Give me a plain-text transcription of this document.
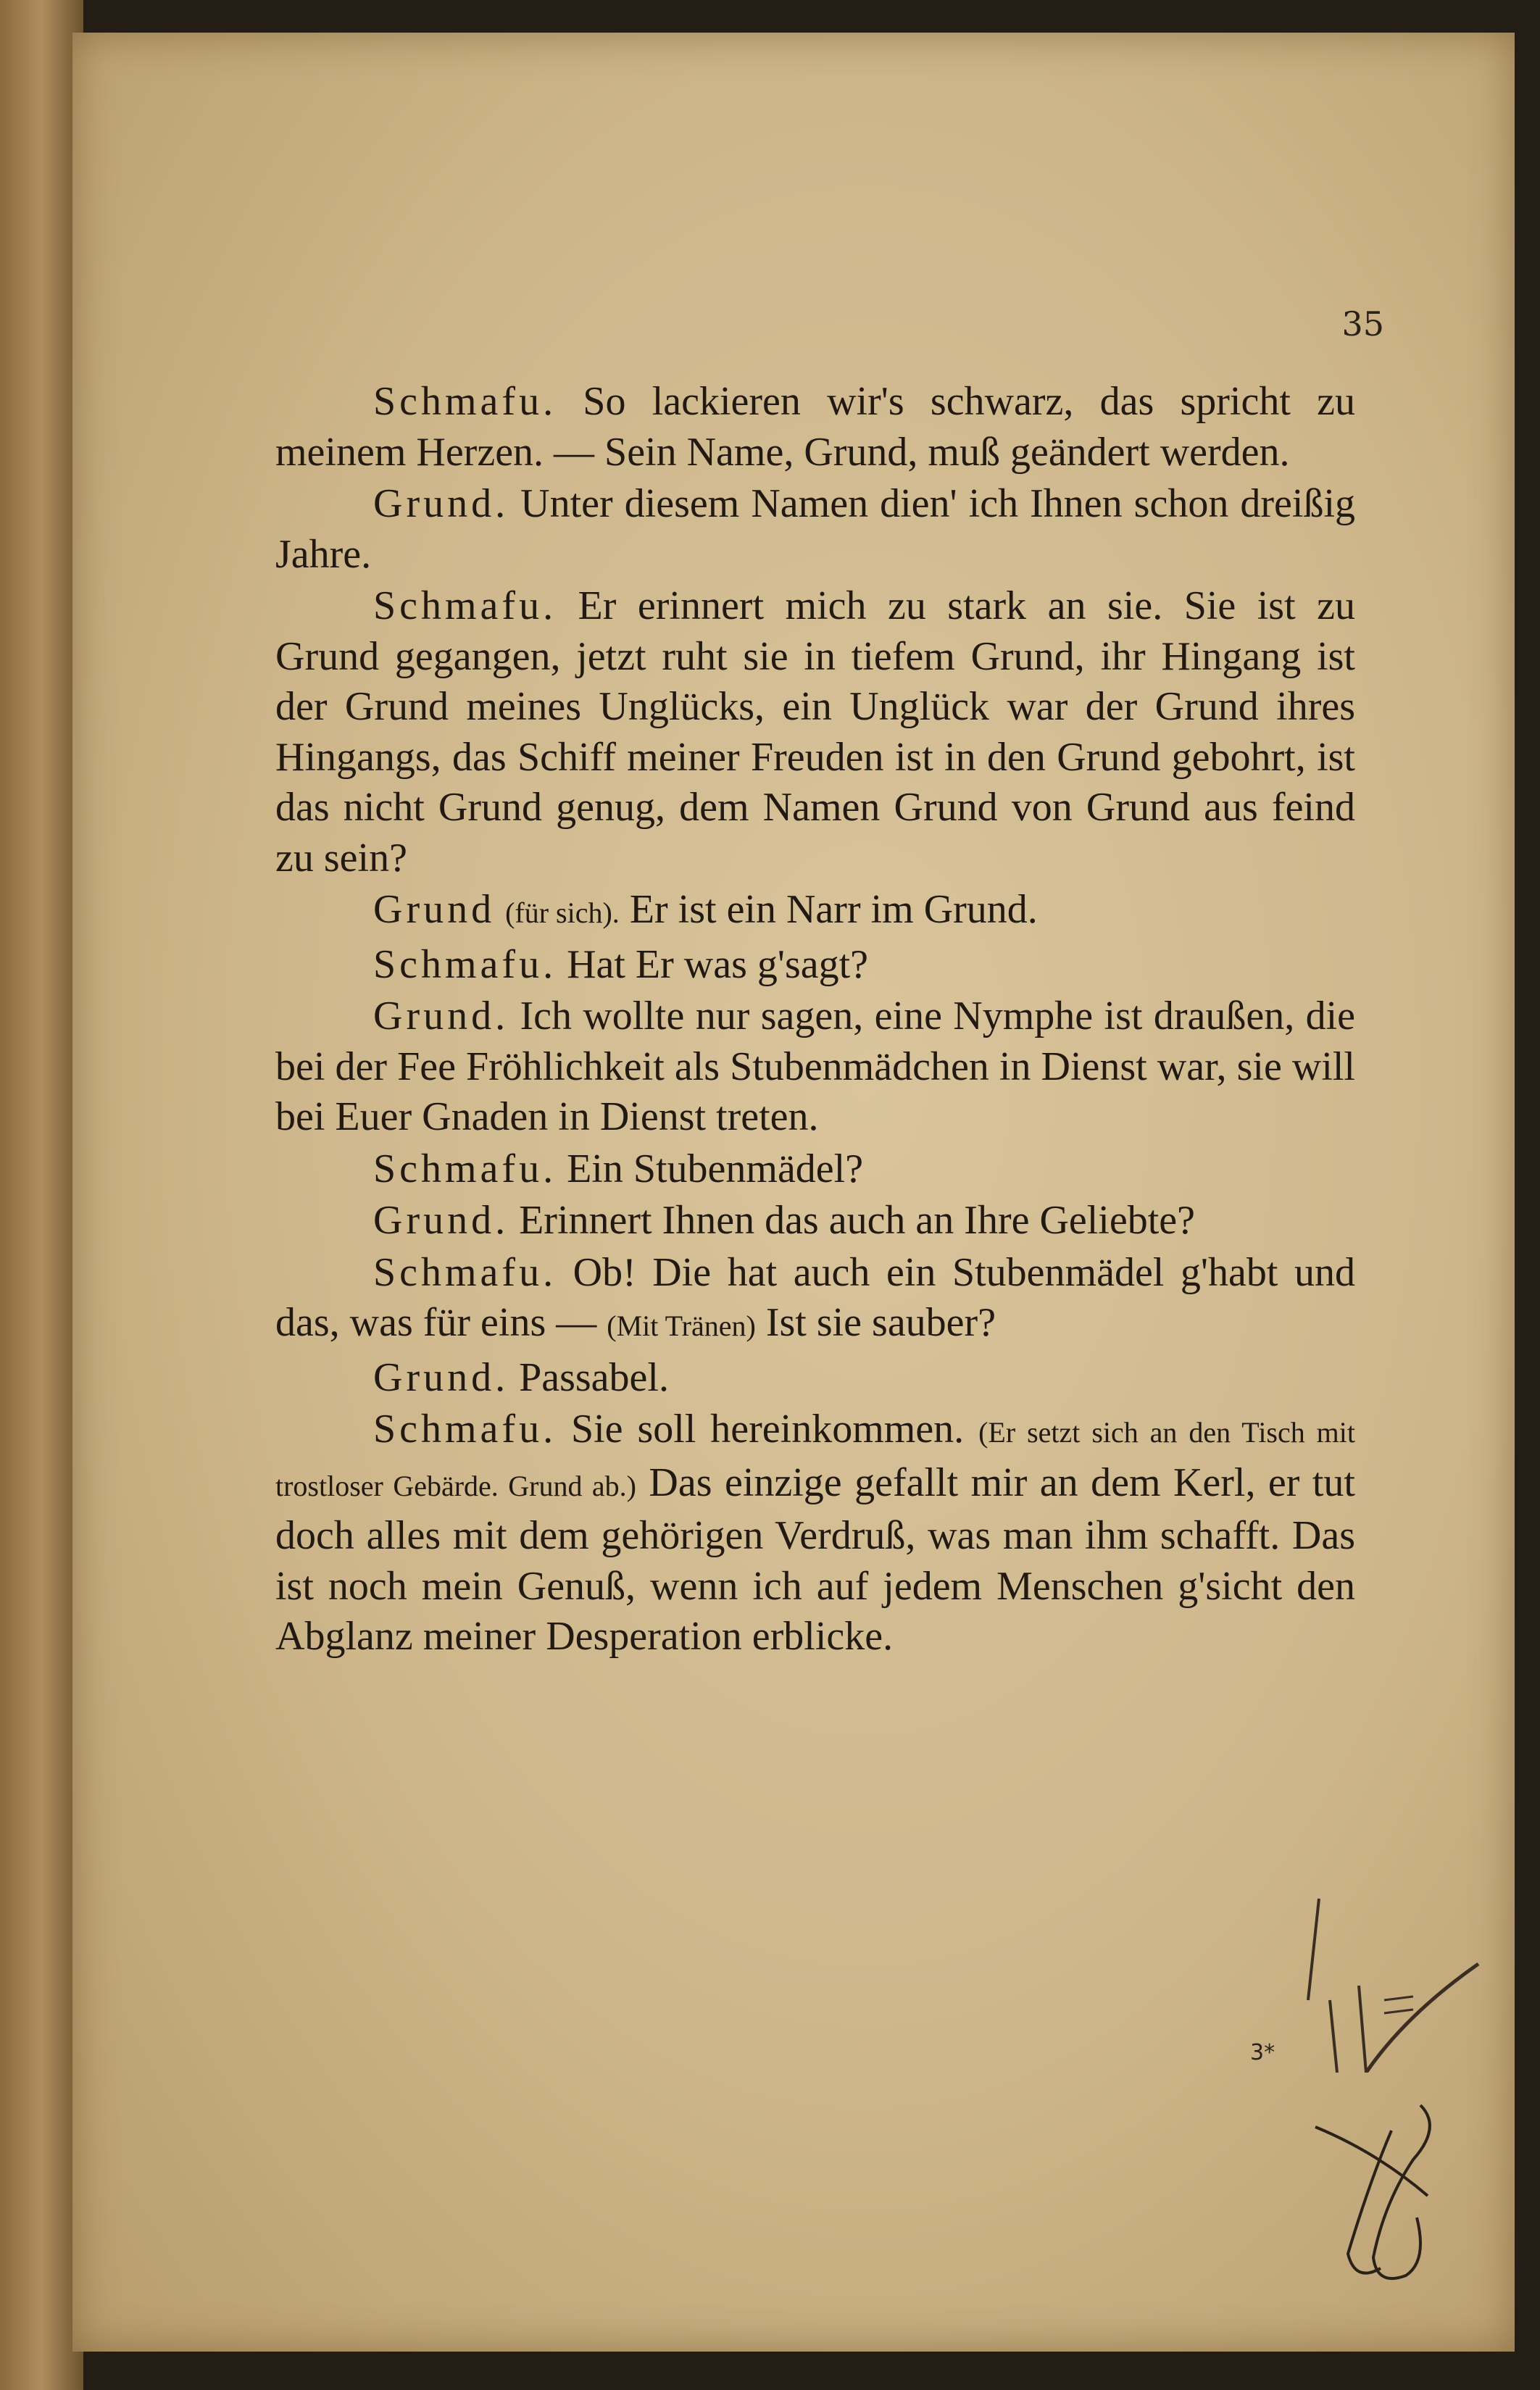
35

Schmafu. So lackieren wir's schwarz, das spricht zu meinem Herzen. — Sein Name, Grund, muß geändert werden.

Grund. Unter diesem Namen dien' ich Ihnen schon dreißig Jahre.

Schmafu. Er erinnert mich zu stark an sie. Sie ist zu Grund gegangen, jetzt ruht sie in tiefem Grund, ihr Hingang ist der Grund meines Unglücks, ein Unglück war der Grund ihres Hingangs, das Schiff meiner Freuden ist in den Grund gebohrt, ist das nicht Grund genug, dem Namen Grund von Grund aus feind zu sein?

Grund (für sich). Er ist ein Narr im Grund.

Schmafu. Hat Er was g'sagt?

Grund. Ich wollte nur sagen, eine Nymphe ist draußen, die bei der Fee Fröhlichkeit als Stubenmädchen in Dienst war, sie will bei Euer Gnaden in Dienst treten.

Schmafu. Ein Stubenmädel?

Grund. Erinnert Ihnen das auch an Ihre Geliebte?

Schmafu. Ob! Die hat auch ein Stubenmädel g'habt und das, was für eins — (Mit Tränen) Ist sie sauber?

Grund. Passabel.

Schmafu. Sie soll hereinkommen. (Er setzt sich an den Tisch mit trostloser Gebärde. Grund ab.) Das einzige gefallt mir an dem Kerl, er tut doch alles mit dem gehörigen Verdruß, was man ihm schafft. Das ist noch mein Genuß, wenn ich auf jedem Menschen g'sicht den Abglanz meiner Desperation erblicke.

3*
